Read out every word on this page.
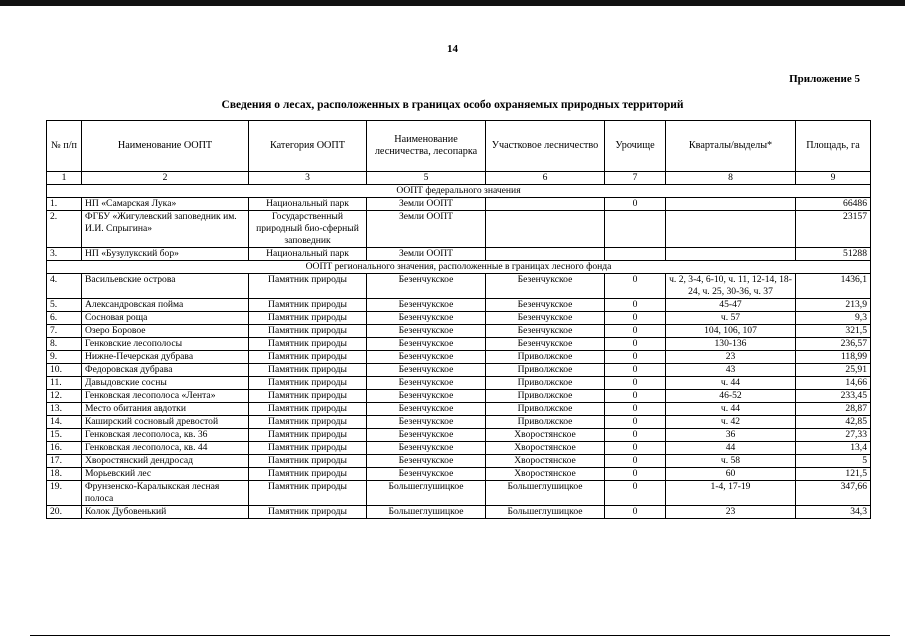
14
Приложение 5
Сведения о лесах, расположенных в границах особо охраняемых природных территорий
№ п/п	Наименование ООПТ	Категория ООПТ	Наименование лесничества, лесопарка	Участковое лесничество	Урочище	Кварталы/выделы*	Площадь, га
1	2	3	5	6	7	8	9
ООПТ федерального значения							
1.	НП «Самарская Лука»	Национальный парк	Земли ООПТ		0		66486
2.	ФГБУ «Жигулевский заповедник им. И.И. Спрыгина»	Государственный природный био-сферный заповедник	Земли ООПТ				23157
3.	НП «Бузулукский бор»	Национальный парк	Земли ООПТ				51288
ООПТ регионального значения, расположенные в границах лесного фонда							
4.	Васильевские острова	Памятник природы	Безенчукское	Безенчукское	0	ч. 2, 3-4, 6-10, ч. 11, 12-14, 18-24, ч. 25, 30-36, ч. 37	1436,1
5.	Александровская пойма	Памятник природы	Безенчукское	Безенчукское	0	45-47	213,9
6.	Сосновая роща	Памятник природы	Безенчукское	Безенчукское	0	ч. 57	9,3
7.	Озеро Боровое	Памятник природы	Безенчукское	Безенчукское	0	104, 106, 107	321,5
8.	Генковские лесополосы	Памятник природы	Безенчукское	Безенчукское	0	130-136	236,57
9.	Нижне-Печерская дубрава	Памятник природы	Безенчукское	Приволжское	0	23	118,99
10.	Федоровская дубрава	Памятник природы	Безенчукское	Приволжское	0	43	25,91
11.	Давыдовские сосны	Памятник природы	Безенчукское	Приволжское	0	ч. 44	14,66
12.	Генковская лесополоса «Лента»	Памятник природы	Безенчукское	Приволжское	0	46-52	233,45
13.	Место обитания авдотки	Памятник природы	Безенчукское	Приволжское	0	ч. 44	28,87
14.	Каширский сосновый древостой	Памятник природы	Безенчукское	Приволжское	0	ч. 42	42,85
15.	Генковская лесополоса, кв. 36	Памятник природы	Безенчукское	Хворостянское	0	36	27,33
16.	Генковская лесополоса, кв. 44	Памятник природы	Безенчукское	Хворостянское	0	44	13,4
17.	Хворостянский дендросад	Памятник природы	Безенчукское	Хворостянское	0	ч. 58	5
18.	Морьевский лес	Памятник природы	Безенчукское	Хворостянское	0	60	121,5
19.	Фрунзенско-Каралыкская лесная полоса	Памятник природы	Большеглушицкое	Большеглушицкое	0	1-4, 17-19	347,66
20.	Колок Дубовенький	Памятник природы	Большеглушицкое	Большеглушицкое	0	23	34,3
